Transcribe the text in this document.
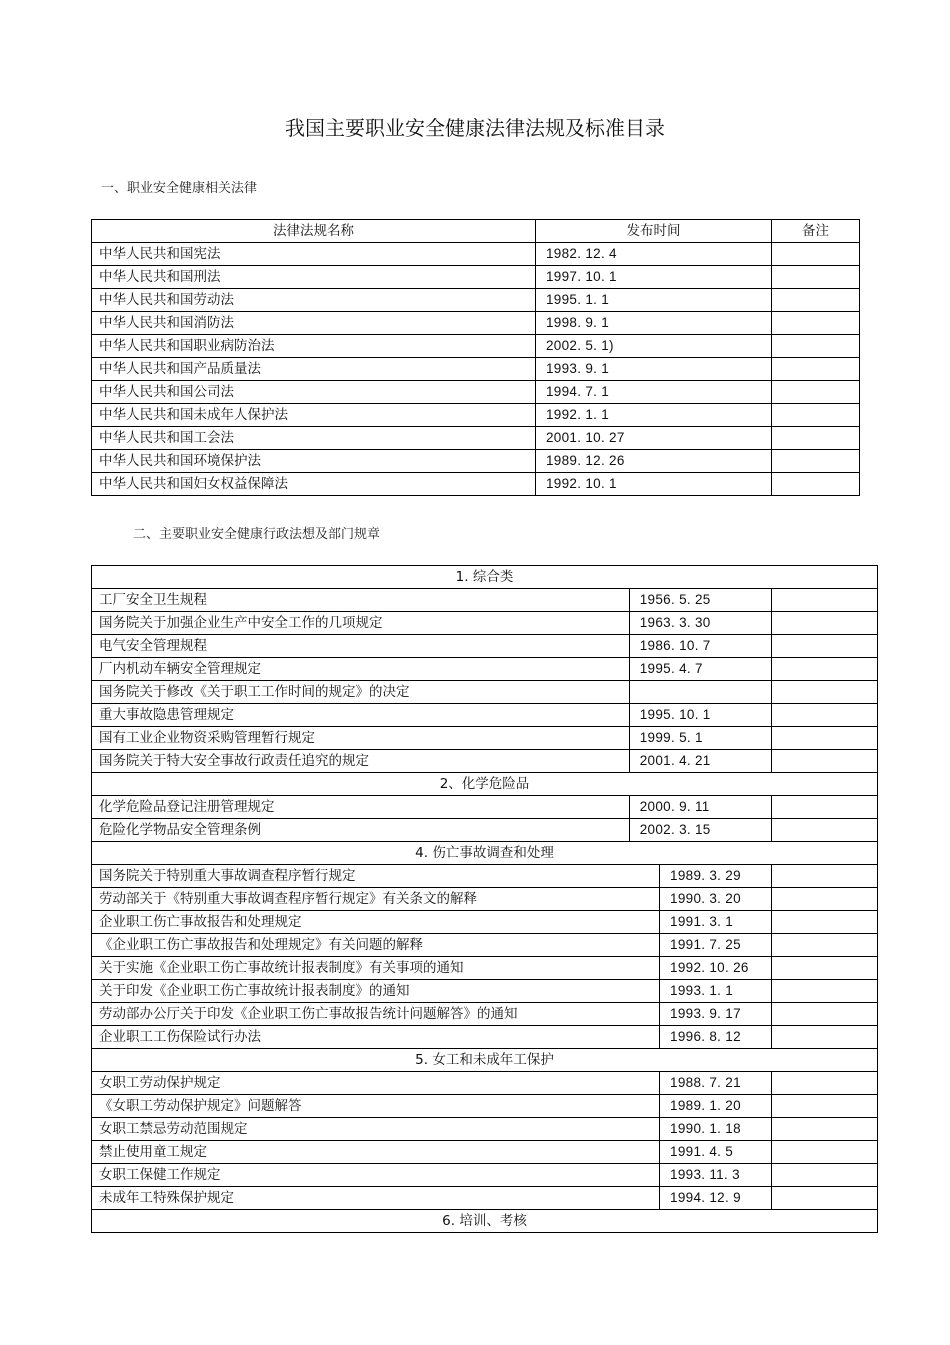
我国主要职业安全健康法律法规及标准目录
一、职业安全健康相关法律
法律法规名称	发布时间	备注
中华人民共和国宪法	1982. 12. 4	
中华人民共和国刑法	1997. 10. 1	
中华人民共和国劳动法	1995. 1. 1	
中华人民共和国消防法	1998. 9. 1	
中华人民共和国职业病防治法	2002. 5. 1)	
中华人民共和国产品质量法	1993. 9. 1	
中华人民共和国公司法	1994. 7. 1	
中华人民共和国未成年人保护法	1992. 1. 1	
中华人民共和国工会法	2001. 10. 27	
中华人民共和国环境保护法	1989. 12. 26	
中华人民共和国妇女权益保障法	1992. 10. 1	
二、主要职业安全健康行政法想及部门规章
1. 综合类			
工厂安全卫生规程	1956. 5. 25		
国务院关于加强企业生产中安全工作的几项规定	1963. 3. 30		
电气安全管理规程	1986. 10. 7		
厂内机动车辆安全管理规定	1995. 4. 7		
国务院关于修改《关于职工工作时间的规定》的决定			
重大事故隐患管理规定	1995. 10. 1		
国有工业企业物资采购管理暂行规定	1999. 5. 1		
国务院关于特大安全事故行政责任追究的规定	2001. 4. 21		
2、化学危险品			
化学危险品登记注册管理规定	2000. 9. 11		
危险化学物品安全管理条例	2002. 3. 15		
4. 伤亡事故调查和处理			
国务院关于特别重大事故调查程序暂行规定		1989. 3. 29	
劳动部关于《特别重大事故调查程序暂行规定》有关条文的解释		1990. 3. 20	
企业职工伤亡事故报告和处理规定		1991. 3. 1	
《企业职工伤亡事故报告和处理规定》有关问题的解释		1991. 7. 25	
关于实施《企业职工伤亡事故统计报表制度》有关事项的通知		1992. 10. 26	
关于印发《企业职工伤亡事故统计报表制度》的通知		1993. 1. 1	
劳动部办公厅关于印发《企业职工伤亡事故报告统计问题解答》的通知		1993. 9. 17	
企业职工工伤保险试行办法		1996. 8. 12	
5. 女工和未成年工保护			
女职工劳动保护规定		1988. 7. 21	
《女职工劳动保护规定》问题解答		1989. 1. 20	
女职工禁忌劳动范围规定		1990. 1. 18	
禁止使用童工规定		1991. 4. 5	
女职工保健工作规定		1993. 11. 3	
未成年工特殊保护规定		1994. 12. 9	
6. 培训、考核			
